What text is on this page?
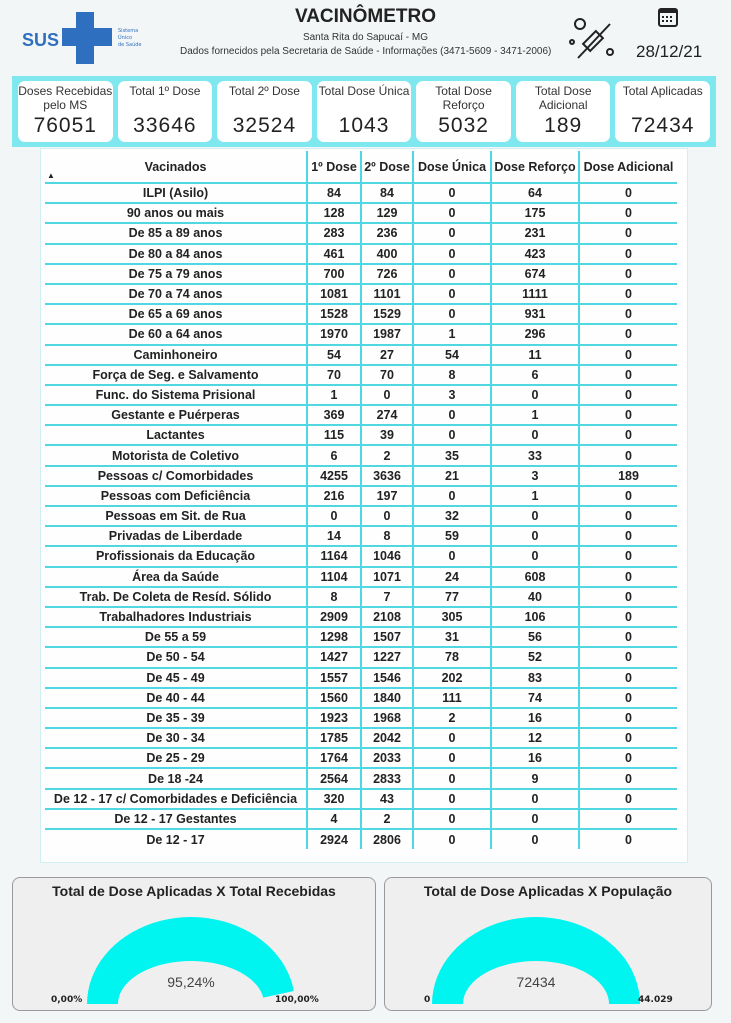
SUS	Sistema
Único
de Saúde
VACINÔMETRO
Santa Rita do Sapucaí - MG
Dados fornecidos pela Secretaria de Saúde - Informações (3471-5609 - 3471-2006)	28/12/21
Doses Recebidas pelo MS
76051
Total 1º Dose
33646
Total 2º Dose
32524
Total Dose Única
1043
Total Dose Reforço
5032
Total Dose Adicional
189
Total Aplicadas
72434
Vacinados
▲	1º Dose	2º Dose	Dose Única	Dose Reforço	Dose Adicional
ILPI (Asilo)	84	84	0	64	0
90 anos ou mais	128	129	0	175	0
De 85 a 89 anos	283	236	0	231	0
De 80 a 84 anos	461	400	0	423	0
De 75 a 79 anos	700	726	0	674	0
De 70 a 74 anos	1081	1101	0	1111	0
De 65 a 69 anos	1528	1529	0	931	0
De 60 a 64 anos	1970	1987	1	296	0
Caminhoneiro	54	27	54	11	0
Força de Seg. e Salvamento	70	70	8	6	0
Func. do Sistema Prisional	1	0	3	0	0
Gestante e Puérperas	369	274	0	1	0
Lactantes	115	39	0	0	0
Motorista de Coletivo	6	2	35	33	0
Pessoas c/ Comorbidades	4255	3636	21	3	189
Pessoas com Deficiência	216	197	0	1	0
Pessoas em Sit. de Rua	0	0	32	0	0
Privadas de Liberdade	14	8	59	0	0
Profissionais da Educação	1164	1046	0	0	0
Área da Saúde	1104	1071	24	608	0
Trab. De Coleta de Resíd. Sólido	8	7	77	40	0
Trabalhadores Industriais	2909	2108	305	106	0
De 55 a 59	1298	1507	31	56	0
De 50 - 54	1427	1227	78	52	0
De 45 - 49	1557	1546	202	83	0
De 40 - 44	1560	1840	111	74	0
De 35 - 39	1923	1968	2	16	0
De 30 - 34	1785	2042	0	12	0
De 25 - 29	1764	2033	0	16	0
De 18 -24	2564	2833	0	9	0
De 12 - 17 c/ Comorbidades e Deficiência	320	43	0	0	0
De 12 - 17 Gestantes	4	2	0	0	0
De 12 - 17	2924	2806	0	0	0
Total de Dose Aplicadas X Total Recebidas
95,24%
0,00%	100,00%
Total de Dose Aplicadas X População
72434
0	44.029
